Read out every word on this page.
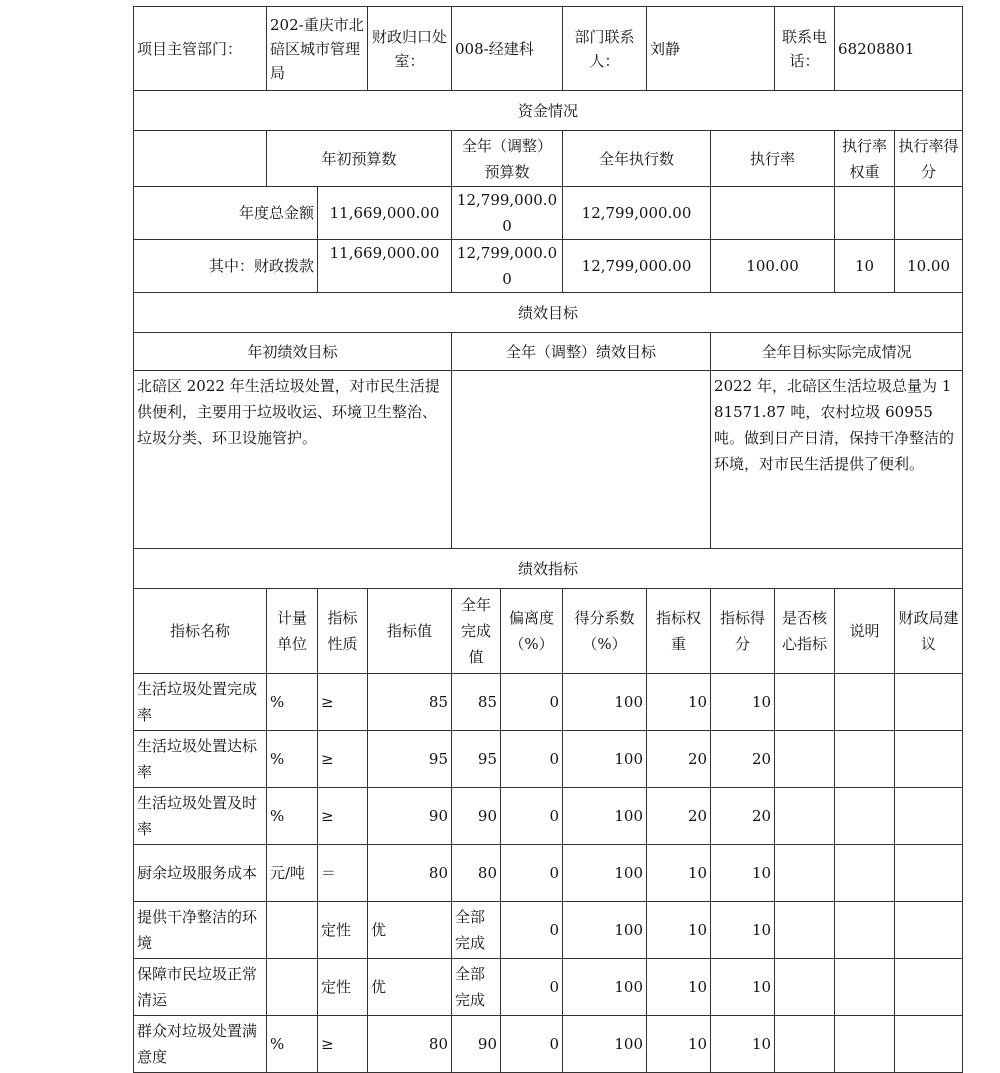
项目主管部门：	202-重庆市北碚区城市管理局		财政归口处室：	008-经建科		部门联系人：	刘静		联系电话：	68208801	
资金情况											
	年初预算数			全年（调整）预算数		全年执行数		执行率		执行率权重	执行率得分
年度总金额		11,669,000.00		12,799,000.00		12,799,000.00					
其中：财政拨款		11,669,000.00		12,799,000.00		12,799,000.00		100.00		10	10.00
绩效目标											
年初绩效目标				全年（调整）绩效目标				全年目标实际完成情况			
北碚区 2022 年生活垃圾处置，对市民生活提供便利，主要用于垃圾收运、环境卫生整治、垃圾分类、环卫设施管护。								2022 年，北碚区生活垃圾总量为 181571.87 吨，农村垃圾 60955 吨。做到日产日清，保持干净整洁的环境，对市民生活提供了便利。			
绩效指标											
指标名称	计量单位	指标性质	指标值	全年完成值	偏离度（%）	得分系数（%）	指标权重	指标得分	是否核心指标	说明	财政局建议
生活垃圾处置完成率	%	≥	85	85	0	100	10	10			
生活垃圾处置达标率	%	≥	95	95	0	100	20	20			
生活垃圾处置及时率	%	≥	90	90	0	100	20	20			
厨余垃圾服务成本	元/吨	＝	80	80	0	100	10	10			
提供干净整洁的环境		定性	优	全部完成	0	100	10	10			
保障市民垃圾正常清运		定性	优	全部完成	0	100	10	10			
群众对垃圾处置满意度	%	≥	80	90	0	100	10	10			
